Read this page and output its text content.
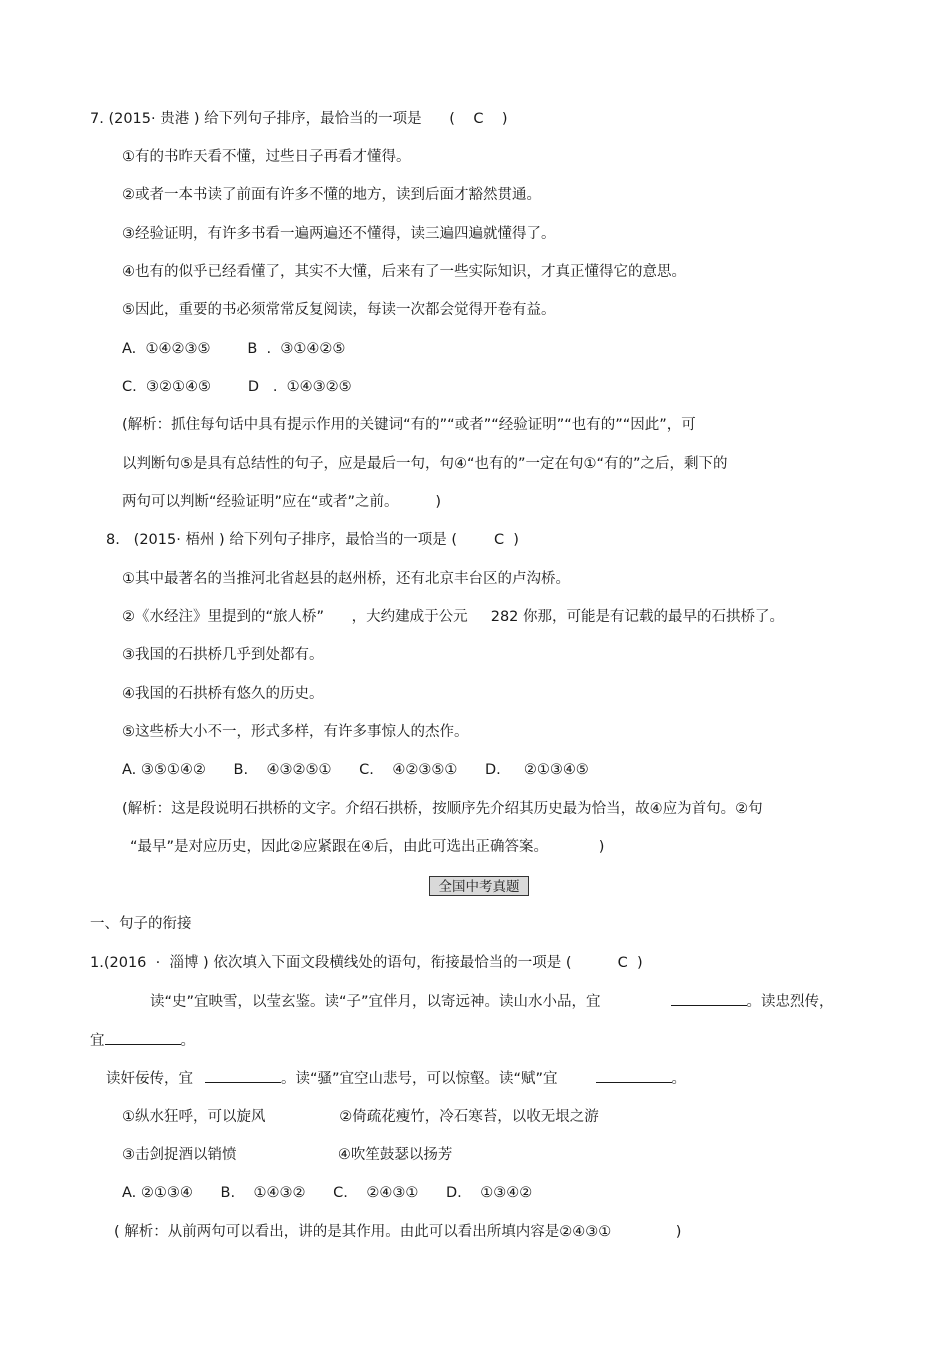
7. (2015· 贵港 ) 给下列句子排序，最恰当的一项是      (    C    )
①有的书昨天看不懂，过些日子再看才懂得。
②或者一本书读了前面有许多不懂的地方，读到后面才豁然贯通。
③经验证明，有许多书看一遍两遍还不懂得，读三遍四遍就懂得了。
④也有的似乎已经看懂了，其实不大懂，后来有了一些实际知识，才真正懂得它的意思。
⑤因此，重要的书必须常常反复阅读，每读一次都会觉得开卷有益。
A.  ①④②③⑤        B  .  ③①④②⑤
C.  ③②①④⑤        D   .  ①④③②⑤
(解析：抓住每句话中具有提示作用的关键词“有的”“或者”“经验证明”“也有的”“因此”，可
以判断句⑤是具有总结性的句子，应是最后一句，句④“也有的”一定在句①“有的”之后，剩下的
两句可以判断“经验证明”应在“或者”之前。        )
8.   (2015· 梧州 ) 给下列句子排序，最恰当的一项是 (        C  )
①其中最著名的当推河北省赵县的赵州桥，还有北京丰台区的卢沟桥。
②《水经注》里提到的“旅人桥”      ，大约建成于公元     282 你那，可能是有记载的最早的石拱桥了。
③我国的石拱桥几乎到处都有。
④我国的石拱桥有悠久的历史。
⑤这些桥大小不一，形式多样，有许多事惊人的杰作。
A. ③⑤①④②      B.    ④③②⑤①      C.    ④②③⑤①      D.     ②①③④⑤
(解析：这是段说明石拱桥的文字。介绍石拱桥，按顺序先介绍其历史最为恰当，故④应为首句。②句
“最早”是对应历史，因此②应紧跟在④后，由此可选出正确答案。           )
全国中考真题
一、句子的衔接
1.(2016  ·  淄博 ) 依次填入下面文段横线处的语句，衔接最恰当的一项是 (          C  )
读“史”宜映雪，以莹玄鉴。读“子”宜伴月，以寄远神。读山水小品，宜	。读忠烈传，
宜	。
读奸佞传，宜	。读“骚”宜空山悲号，可以惊壑。读“赋”宜	。
①纵水狂呼，可以旋风                ②倚疏花瘦竹，冷石寒苔，以收无垠之游
③击剑捉酒以销愤                      ④吹笙鼓瑟以扬芳
A. ②①③④      B.    ①④③②      C.    ②④③①      D.    ①③④②
( 解析：从前两句可以看出，讲的是其作用。由此可以看出所填内容是②④③①              )
